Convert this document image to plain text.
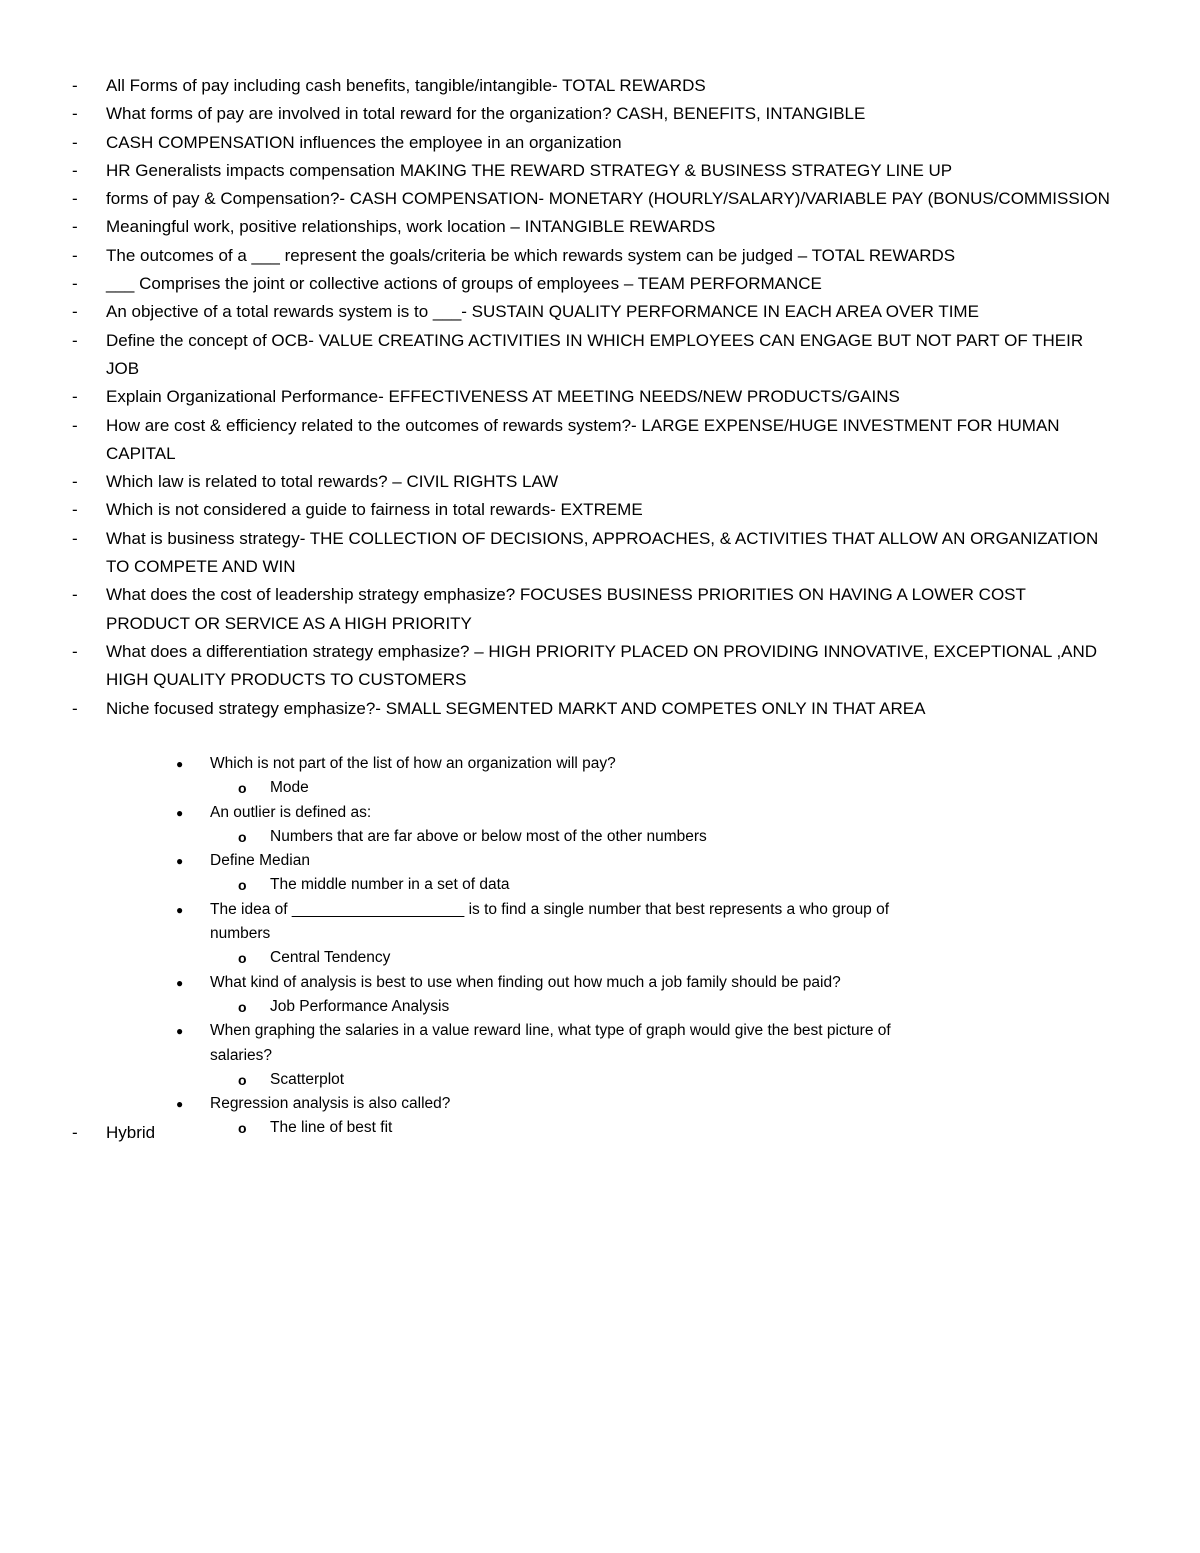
- All Forms of pay including cash benefits, tangible/intangible- TOTAL REWARDS
- What forms of pay are involved in total reward for the organization? CASH, BENEFITS, INTANGIBLE
- CASH COMPENSATION influences the employee in an organization
- HR Generalists impacts compensation MAKING THE REWARD STRATEGY & BUSINESS STRATEGY LINE UP
- forms of pay & Compensation?- CASH COMPENSATION- MONETARY (HOURLY/SALARY)/VARIABLE PAY (BONUS/COMMISSION
- Meaningful work, positive relationships, work location – INTANGIBLE REWARDS
- The outcomes of a ___ represent the goals/criteria be which rewards system can be judged – TOTAL REWARDS
- ___ Comprises the joint or collective actions of groups of employees – TEAM PERFORMANCE
- An objective of a total rewards system is to ___- SUSTAIN QUALITY PERFORMANCE IN EACH AREA OVER TIME
- Define the concept of OCB- VALUE CREATING ACTIVITIES IN WHICH EMPLOYEES CAN ENGAGE BUT NOT PART OF THEIR JOB
- Explain Organizational Performance- EFFECTIVENESS AT MEETING NEEDS/NEW PRODUCTS/GAINS
- How are cost & efficiency related to the outcomes of rewards system?- LARGE EXPENSE/HUGE INVESTMENT FOR HUMAN CAPITAL
- Which law is related to total rewards? – CIVIL RIGHTS LAW
- Which is not considered a guide to fairness in total rewards- EXTREME
- What is business strategy- THE COLLECTION OF DECISIONS, APPROACHES, & ACTIVITIES THAT ALLOW AN ORGANIZATION TO COMPETE AND WIN
- What does the cost of leadership strategy emphasize? FOCUSES BUSINESS PRIORITIES ON HAVING A LOWER COST PRODUCT OR SERVICE AS A HIGH PRIORITY
- What does a differentiation strategy emphasize? – HIGH PRIORITY PLACED ON PROVIDING INNOVATIVE, EXCEPTIONAL ,AND HIGH QUALITY PRODUCTS TO CUSTOMERS
- Niche focused strategy emphasize?- SMALL SEGMENTED MARKT AND COMPETES ONLY IN THAT AREA
● Which is not part of the list of how an organization will pay?
o Mode
● An outlier is defined as:
o Numbers that are far above or below most of the other numbers
● Define Median
o The middle number in a set of data
● The idea of ____________________ is to find a single number that best represents a who group of numbers
o Central Tendency
● What kind of analysis is best to use when finding out how much a job family should be paid?
o Job Performance Analysis
● When graphing the salaries in a value reward line, what type of graph would give the best picture of salaries?
o Scatterplot
● Regression analysis is also called?
o The line of best fit
- Hybrid
